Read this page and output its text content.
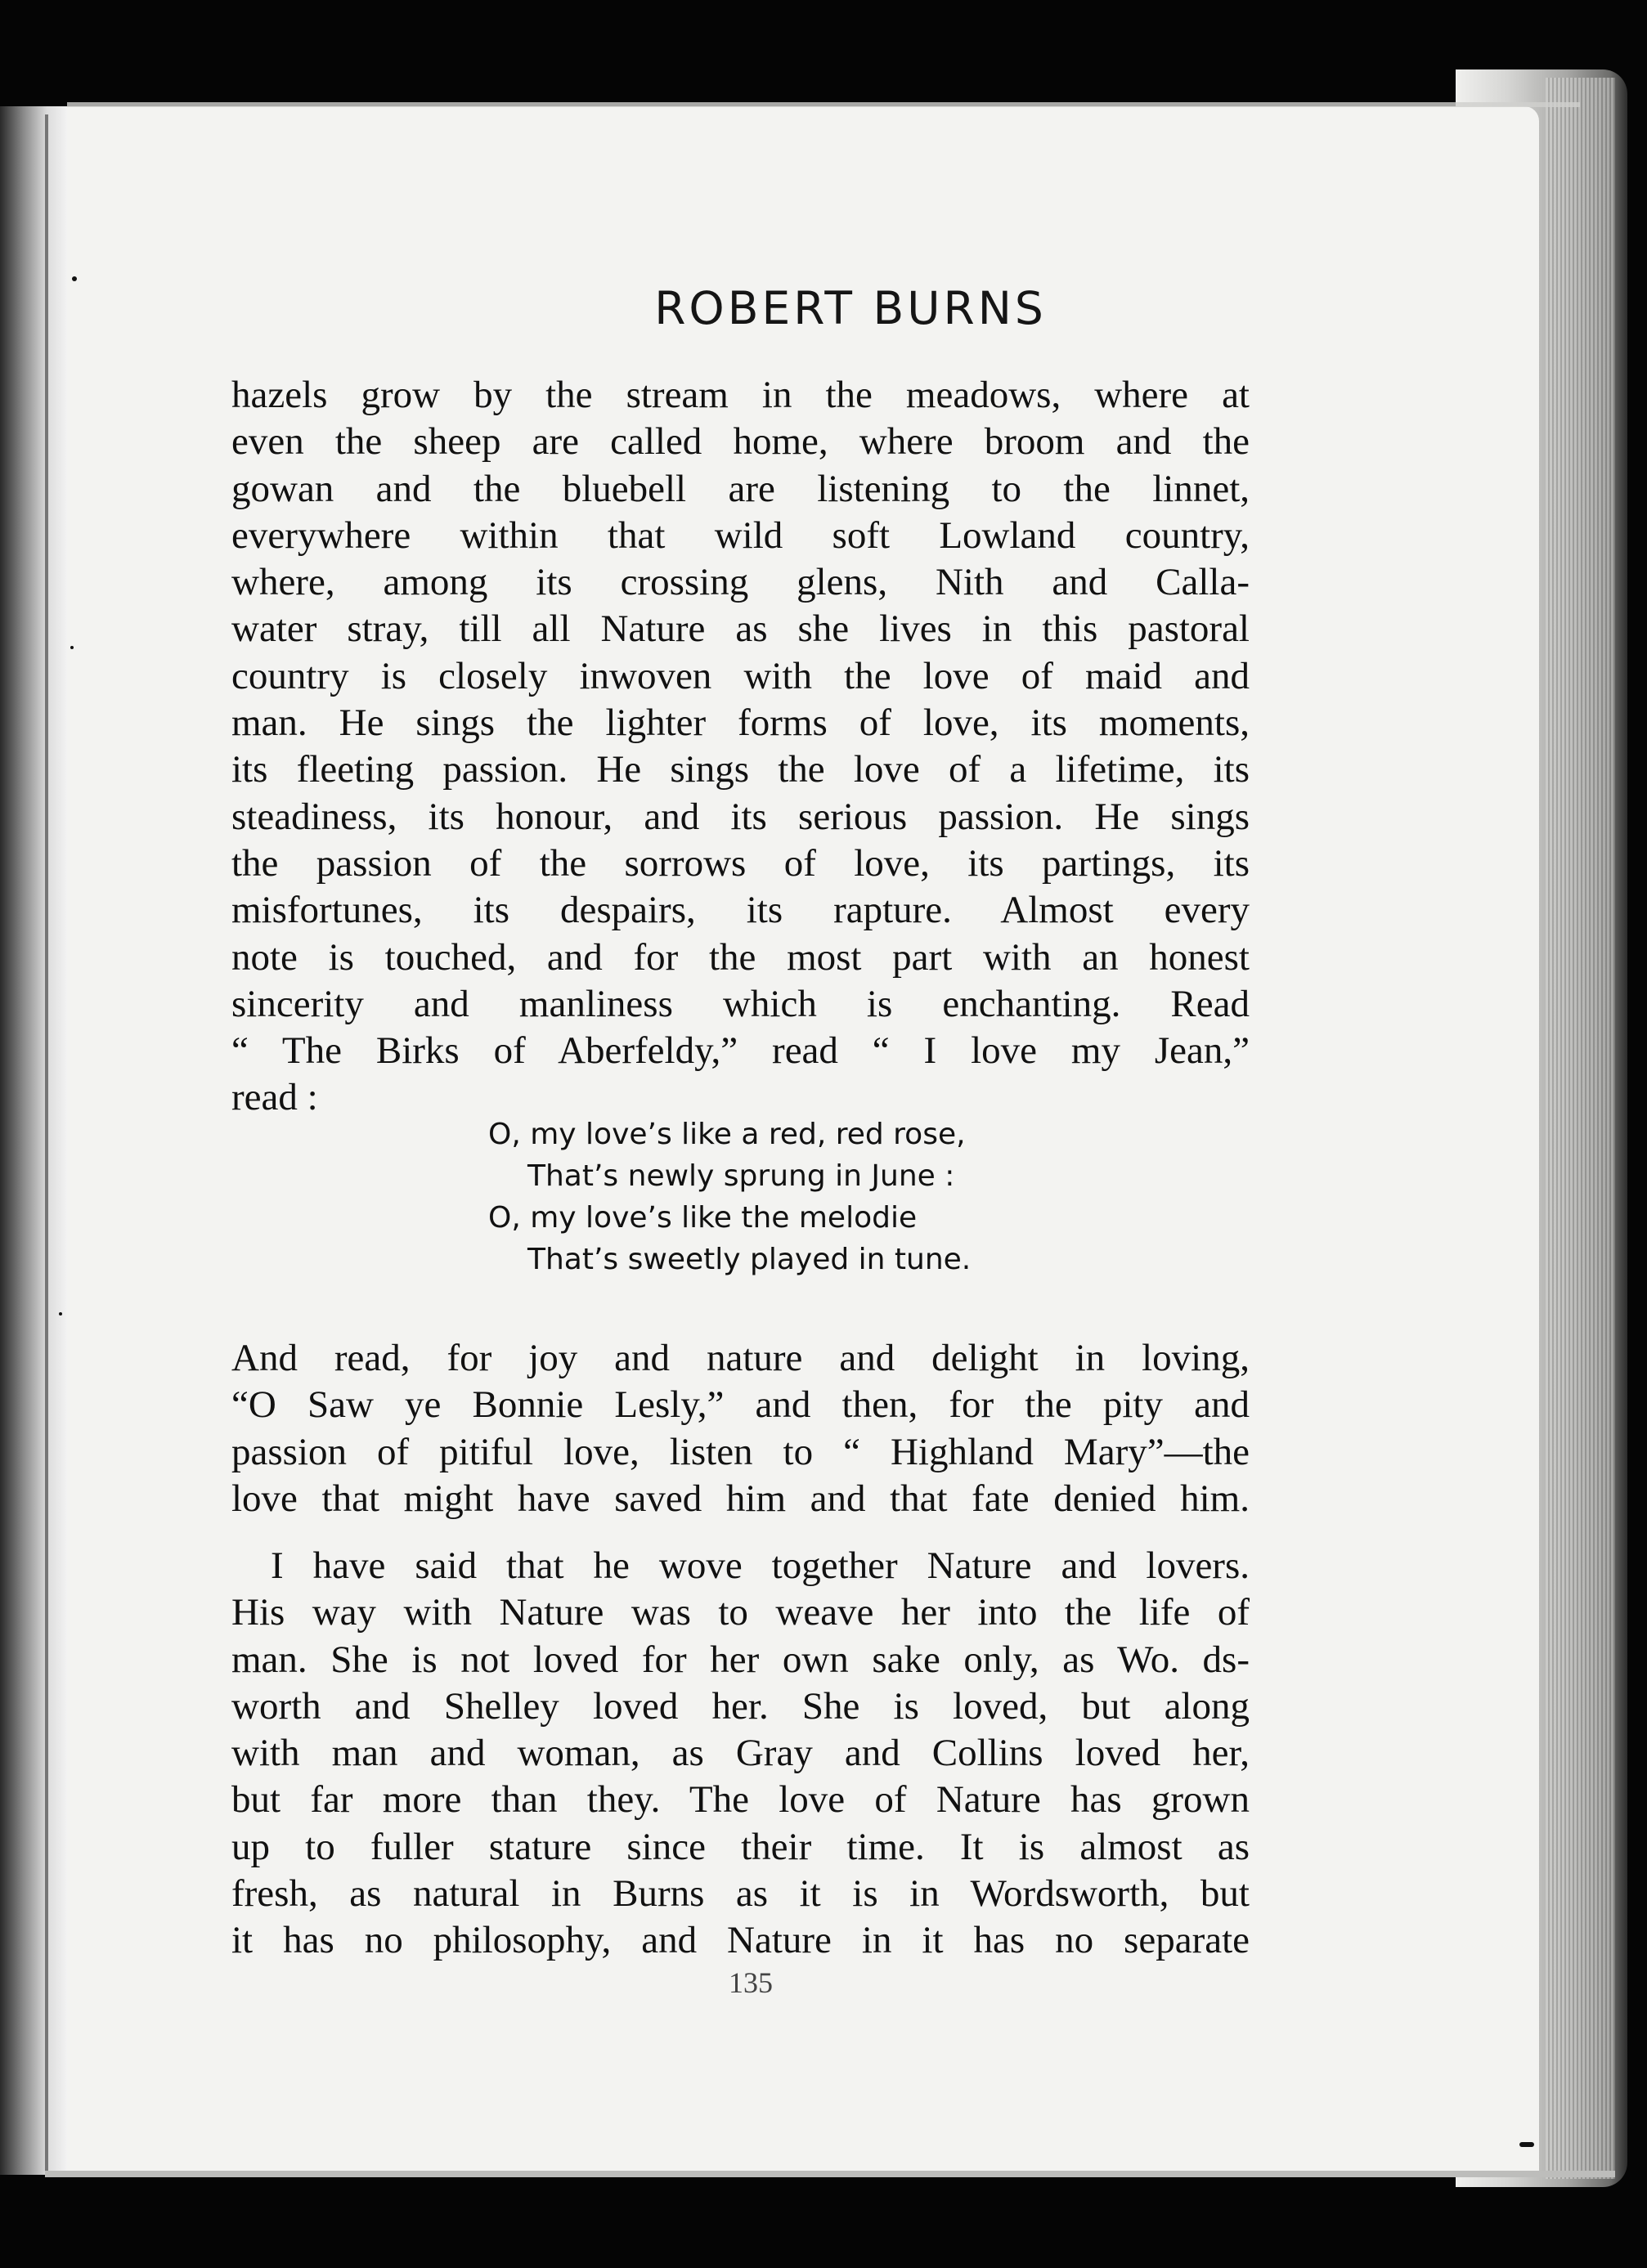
ROBERT BURNS
hazels grow by the stream in the meadows, where at
even the sheep are called home, where broom and the
gowan and the bluebell are listening to the linnet,
everywhere within that wild soft Lowland country,
where, among its crossing glens, Nith and Calla-
water stray, till all Nature as she lives in this pastoral
country is closely inwoven with the love of maid and
man. He sings the lighter forms of love, its moments,
its fleeting passion. He sings the love of a lifetime, its
steadiness, its honour, and its serious passion. He sings
the passion of the sorrows of love, its partings, its
misfortunes, its despairs, its rapture. Almost every
note is touched, and for the most part with an honest
sincerity and manliness which is enchanting. Read
“ The Birks of Aberfeldy,” read “ I love my Jean,”
read :
O, my love’s like a red, red rose,
That’s newly sprung in June :
O, my love’s like the melodie
That’s sweetly played in tune.
And read, for joy and nature and delight in loving,
“O Saw ye Bonnie Lesly,” and then, for the pity and
passion of pitiful love, listen to “ Highland Mary”—the
love that might have saved him and that fate denied him.
I have said that he wove together Nature and lovers.
His way with Nature was to weave her into the life of
man. She is not loved for her own sake only, as Wo. ds-
worth and Shelley loved her. She is loved, but along
with man and woman, as Gray and Collins loved her,
but far more than they. The love of Nature has grown
up to fuller stature since their time. It is almost as
fresh, as natural in Burns as it is in Wordsworth, but
it has no philosophy, and Nature in it has no separate
135
